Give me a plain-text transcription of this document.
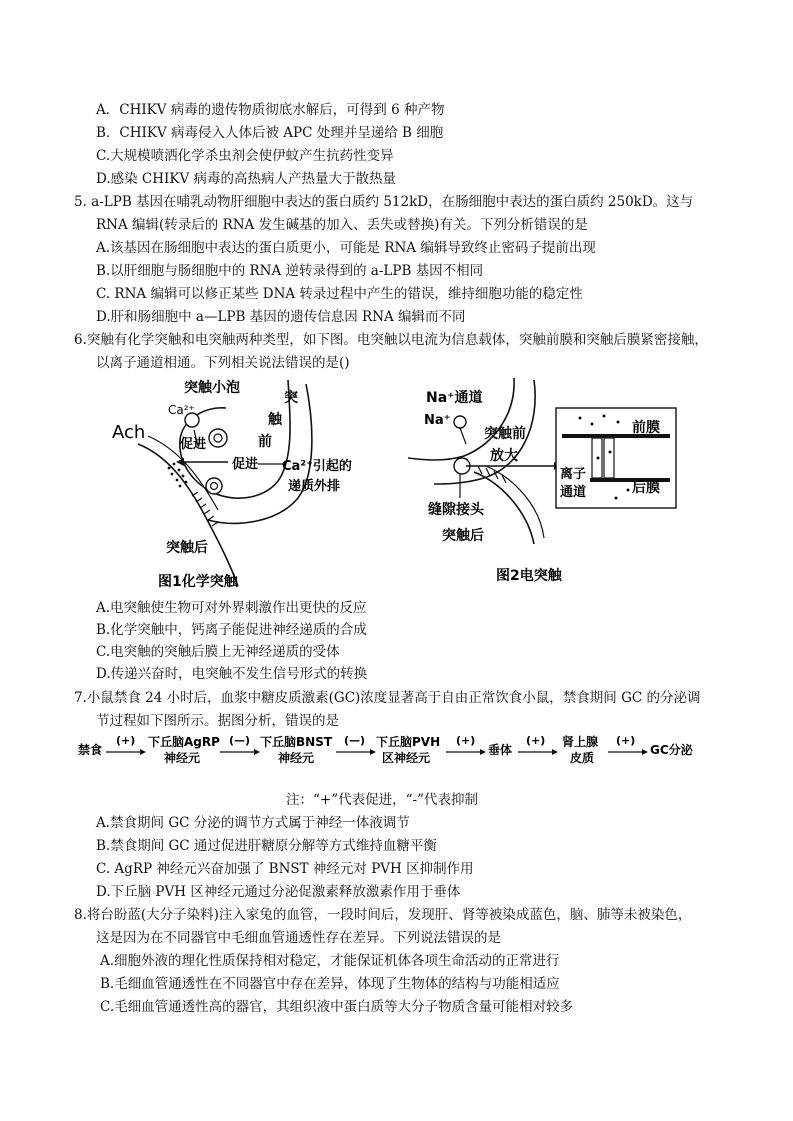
A．CHIKV 病毒的遗传物质彻底水解后，可得到 6 种产物
B．CHIKV 病毒侵入人体后被 APC 处理并呈递给 B 细胞
C.大规模喷洒化学杀虫剂会使伊蚊产生抗药性变异
D.感染 CHIKV 病毒的高热病人产热量大于散热量
5. a-LPB 基因在哺乳动物肝细胞中表达的蛋白质约 512kD，在肠细胞中表达的蛋白质约 250kD。这与
RNA 编辑(转录后的 RNA 发生碱基的加入、丢失或替换)有关。下列分析错误的是
A.该基因在肠细胞中表达的蛋白质更小，可能是 RNA 编辑导致终止密码子提前出现
B.以肝细胞与肠细胞中的 RNA 逆转录得到的 a-LPB 基因不相同
C. RNA 编辑可以修正某些 DNA 转录过程中产生的错误，维持细胞功能的稳定性
D.肝和肠细胞中 a—LPB 基因的遗传信息因 RNA 编辑而不同
6.突触有化学突触和电突触两种类型，如下图。电突触以电流为信息载体，突触前膜和突触后膜紧密接触，
以离子通道相通。下列相关说法错误的是()
突触小泡
Ca²⁺
Ach
促进
促进
突
触
前
Ca²⁺引起的
递质外排
突触后
图1化学突触
Na⁺通道
Na⁺
突触前
放大
缝隙接头
突触后
前膜
后膜
离子
通道
图2电突触
A.电突触使生物可对外界刺激作出更快的反应
B.化学突触中，钙离子能促进神经递质的合成
C.电突触的突触后膜上无神经递质的受体
D.传递兴奋时，电突触不发生信号形式的转换
7.小鼠禁食 24 小时后，血浆中糖皮质激素(GC)浓度显著高于自由正常饮食小鼠，禁食期间 GC 的分泌调
节过程如下图所示。据图分析，错误的是
禁食
(+) 下丘脑AgRP
神经元
(—) 下丘脑BNST
神经元
(—) 下丘脑PVH
区神经元
(+)
垂体
(+) 肾上腺
皮质
(+)
GC分泌
注：“+”代表促进，“-”代表抑制
A.禁食期间 GC 分泌的调节方式属于神经一体液调节
B.禁食期间 GC 通过促进肝糖原分解等方式维持血糖平衡
C. AgRP 神经元兴奋加强了 BNST 神经元对 PVH 区抑制作用
D.下丘脑 PVH 区神经元通过分泌促激素释放激素作用于垂体
8.将台盼蓝(大分子染料)注入家兔的血管，一段时间后，发现肝、肾等被染成蓝色，脑、肺等未被染色，
这是因为在不同器官中毛细血管通透性存在差异。下列说法错误的是
A.细胞外液的理化性质保持相对稳定，才能保证机体各项生命活动的正常进行
B.毛细血管通透性在不同器官中存在差异，体现了生物体的结构与功能相适应
C.毛细血管通透性高的器官，其组织液中蛋白质等大分子物质含量可能相对较多
